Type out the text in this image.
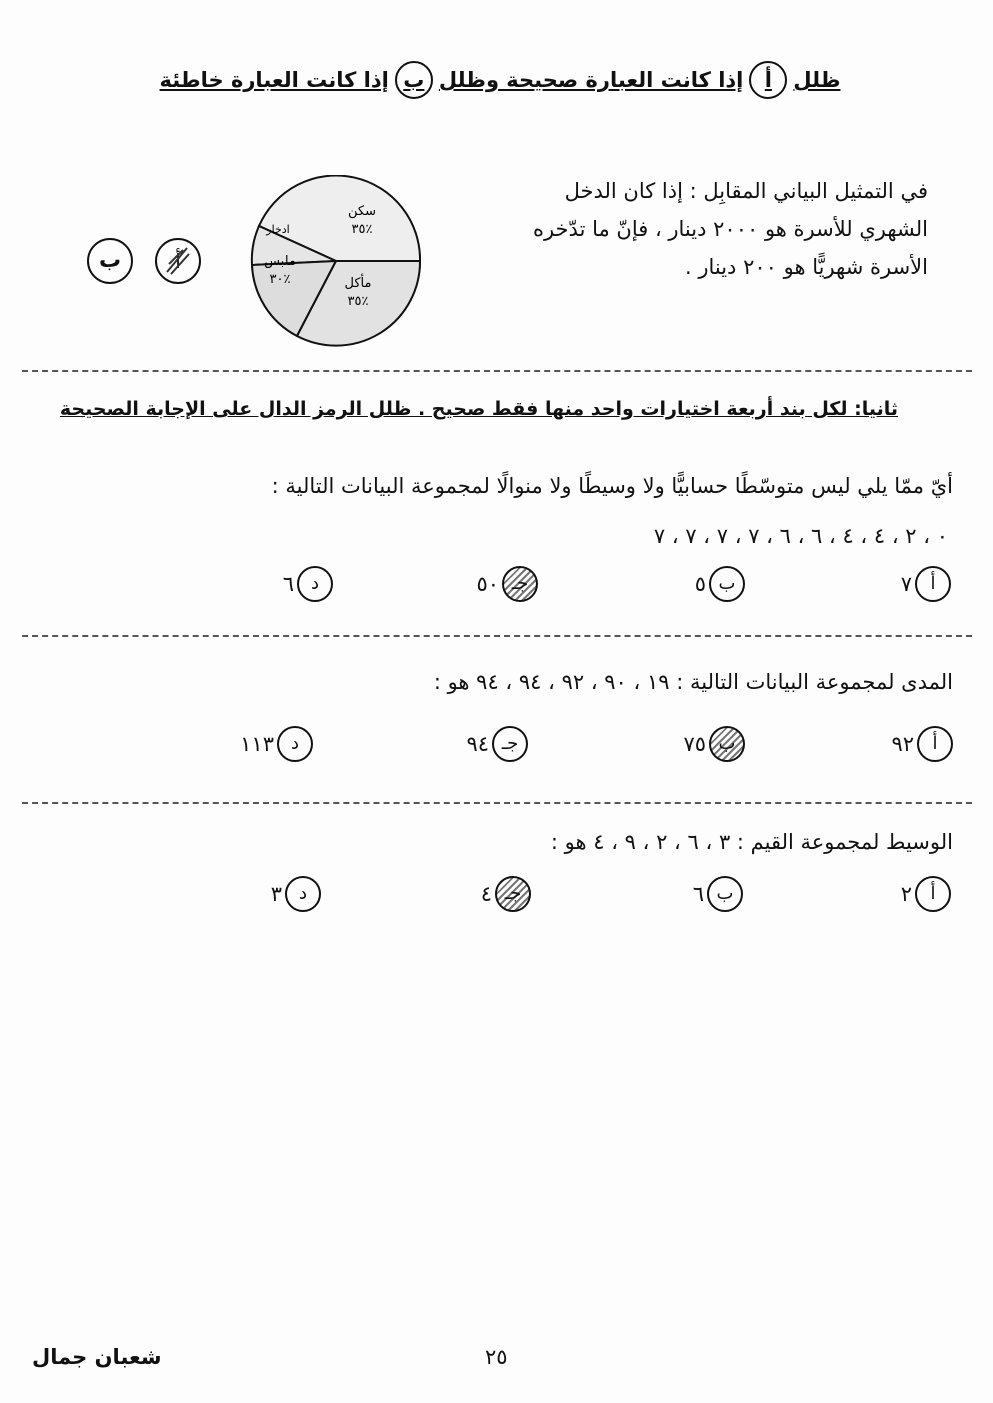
ظلل
أ
إذا كانت العبارة صحيحة وظلل
ب
إذا كانت العبارة خاطئة
في التمثيل البياني المقابِل : إذا كان الدخل
الشهري للأسرة هو ٢٠٠٠ دينار ، فإنّ ما تدّخره
الأسرة شهريًّا هو ٢٠٠ دينار .
سكن
٣٥٪
مأكل
٣٥٪
ملبس
٣٠٪
ادخار
أ
ب
ثانيا: لكل بند أربعة اختيارات واحد منها فقط صحيح . ظلل الرمز الدال على الإجابة الصحيحة
أيّ ممّا يلي ليس متوسّطًا حسابيًّا ولا وسيطًا ولا منوالًا لمجموعة البيانات التالية :
٠ ، ٢ ، ٤ ، ٤ ، ٦ ، ٦ ، ٧ ، ٧ ، ٧ ، ٧
أ
٧
ب
٥
جـ
٥٠
د
٦
المدى لمجموعة البيانات التالية : ١٩ ، ٩٠ ، ٩٢ ، ٩٤ ، ٩٤ هو :
أ
٩٢
ب
٧٥
جـ
٩٤
د
١١٣
الوسيط لمجموعة القيم : ٣ ، ٦ ، ٢ ، ٩ ، ٤ هو :
أ
٢
ب
٦
جـ
٤
د
٣
٢٥
شعبان جمال
